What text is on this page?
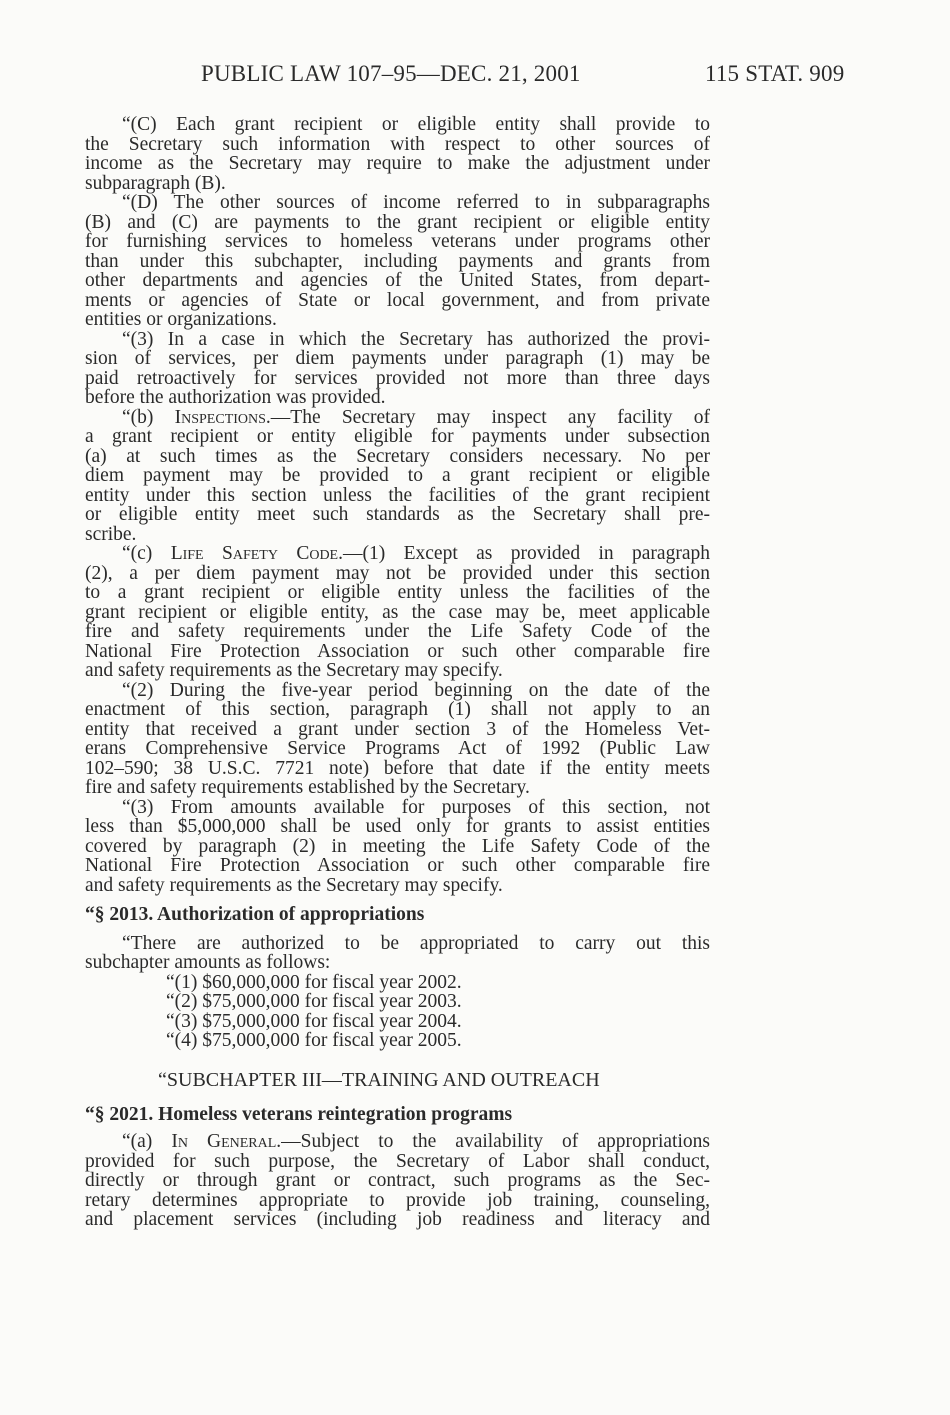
PUBLIC LAW 107–95—DEC. 21, 2001	115 STAT. 909
“(C) Each grant recipient or eligible entity shall provide to
the Secretary such information with respect to other sources of
income as the Secretary may require to make the adjustment under
subparagraph (B).
“(D) The other sources of income referred to in subparagraphs
(B) and (C) are payments to the grant recipient or eligible entity
for furnishing services to homeless veterans under programs other
than under this subchapter, including payments and grants from
other departments and agencies of the United States, from depart-
ments or agencies of State or local government, and from private
entities or organizations.
“(3) In a case in which the Secretary has authorized the provi-
sion of services, per diem payments under paragraph (1) may be
paid retroactively for services provided not more than three days
before the authorization was provided.
“(b) Inspections.—The Secretary may inspect any facility of
a grant recipient or entity eligible for payments under subsection
(a) at such times as the Secretary considers necessary. No per
diem payment may be provided to a grant recipient or eligible
entity under this section unless the facilities of the grant recipient
or eligible entity meet such standards as the Secretary shall pre-
scribe.
“(c) Life Safety Code.—(1) Except as provided in paragraph
(2), a per diem payment may not be provided under this section
to a grant recipient or eligible entity unless the facilities of the
grant recipient or eligible entity, as the case may be, meet applicable
fire and safety requirements under the Life Safety Code of the
National Fire Protection Association or such other comparable fire
and safety requirements as the Secretary may specify.
“(2) During the five-year period beginning on the date of the
enactment of this section, paragraph (1) shall not apply to an
entity that received a grant under section 3 of the Homeless Vet-
erans Comprehensive Service Programs Act of 1992 (Public Law
102–590; 38 U.S.C. 7721 note) before that date if the entity meets
fire and safety requirements established by the Secretary.
“(3) From amounts available for purposes of this section, not
less than $5,000,000 shall be used only for grants to assist entities
covered by paragraph (2) in meeting the Life Safety Code of the
National Fire Protection Association or such other comparable fire
and safety requirements as the Secretary may specify.
“§ 2013. Authorization of appropriations
“There are authorized to be appropriated to carry out this
subchapter amounts as follows:
“(1) $60,000,000 for fiscal year 2002.
“(2) $75,000,000 for fiscal year 2003.
“(3) $75,000,000 for fiscal year 2004.
“(4) $75,000,000 for fiscal year 2005.
“SUBCHAPTER III—TRAINING AND OUTREACH
“§ 2021. Homeless veterans reintegration programs
“(a) In General.—Subject to the availability of appropriations
provided for such purpose, the Secretary of Labor shall conduct,
directly or through grant or contract, such programs as the Sec-
retary determines appropriate to provide job training, counseling,
and placement services (including job readiness and literacy and
